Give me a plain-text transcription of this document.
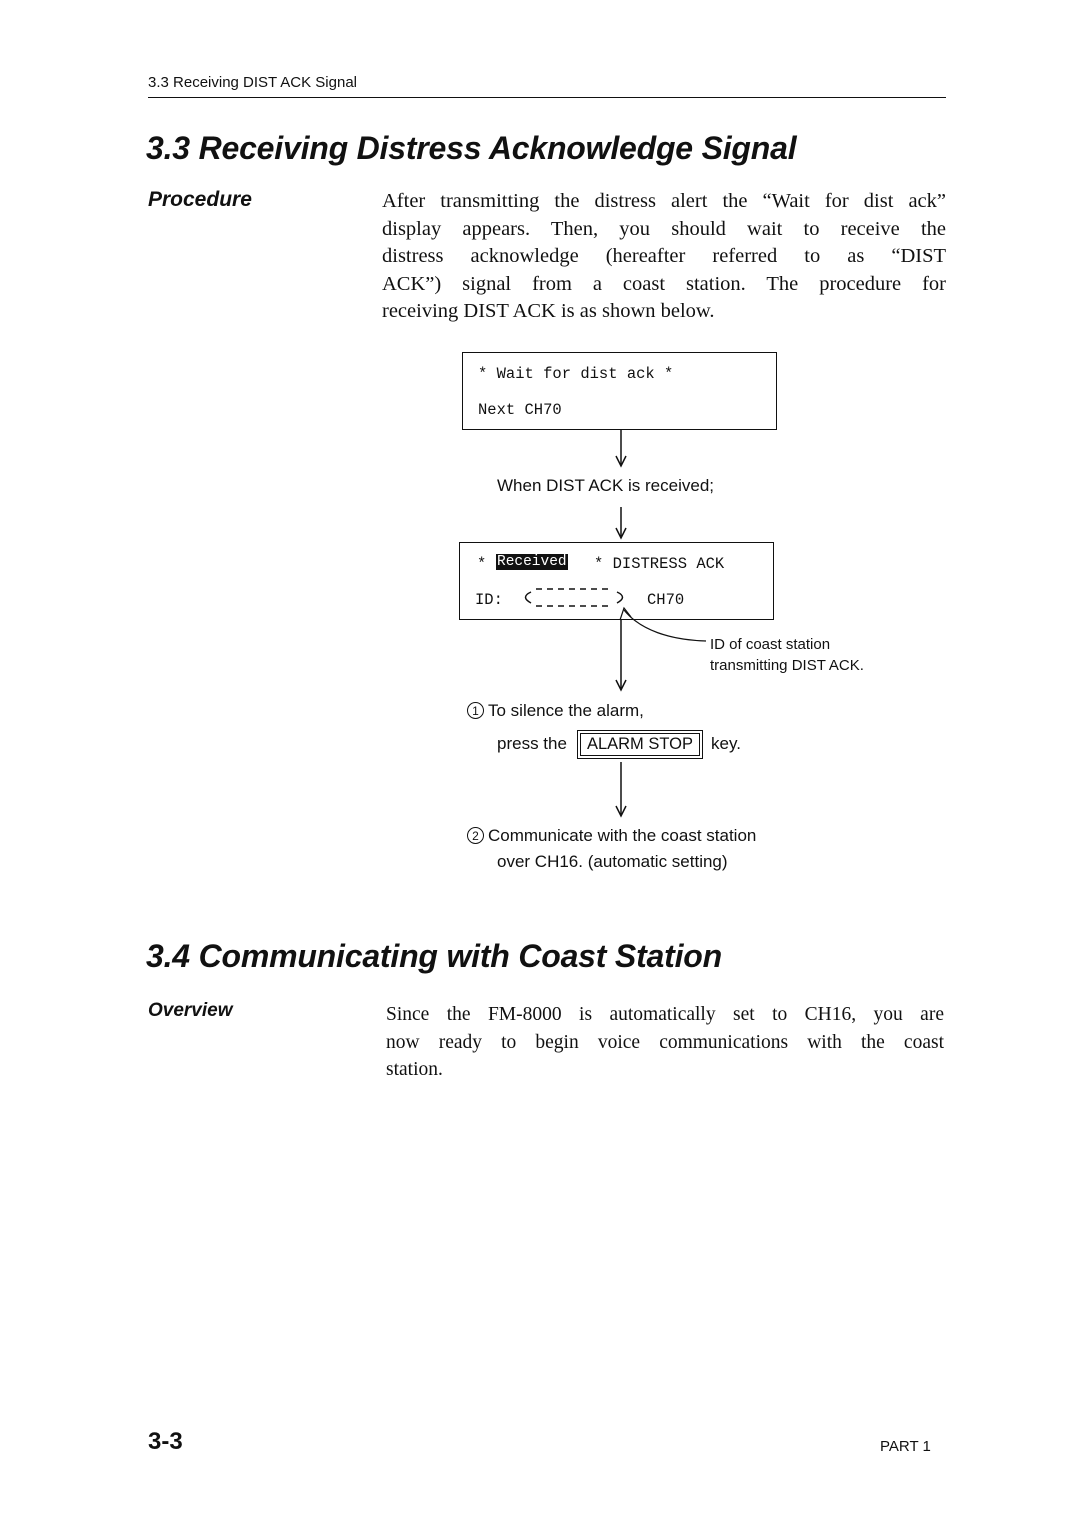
3.3 Receiving DIST ACK Signal
3.3 Receiving Distress Acknowledge Signal
Procedure	After transmitting the distress alert the “Wait for dist ack”
display appears. Then, you should wait to receive the
distress acknowledge (hereafter referred to as “DIST
ACK”) signal from a coast station. The procedure for
receiving DIST ACK is as shown below.
* Wait for dist ack *
Next CH70
When DIST ACK is received;
* Received * DISTRESS ACK
ID:	CH70
ID of coast station
transmitting DIST ACK.
1 To silence the alarm,
press the ALARM STOP key.
2 Communicate with the coast station
over CH16. (automatic setting)
3.4 Communicating with Coast Station
Overview	Since the FM-8000 is automatically set to CH16, you are
now ready to begin voice communications with the coast
station.
3-3	PART 1
